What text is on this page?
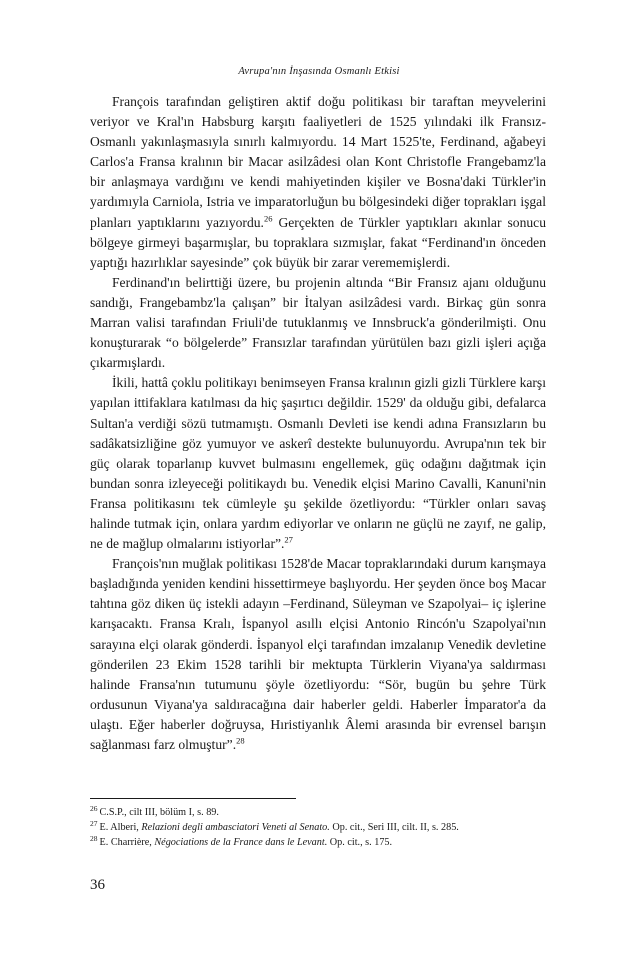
Avrupa'nın İnşasında Osmanlı Etkisi

François tarafından geliştiren aktif doğu politikası bir taraftan meyvelerini veriyor ve Kral'ın Habsburg karşıtı faaliyetleri de 1525 yılındaki ilk Fransız- Osmanlı yakınlaşmasıyla sınırlı kalmıyordu. 14 Mart 1525'te, Ferdinand, ağabeyi Carlos'a Fransa kralının bir Macar asilzâdesi olan Kont Christofle Frangebamz'la bir anlaşmaya vardığını ve kendi mahiyetinden kişiler ve Bosna'daki Türkler'in yardımıyla Carniola, Istria ve imparatorluğun bu bölgesindeki diğer toprakları işgal planları yaptıklarını yazıyordu.$^{26}$ Gerçekten de Türkler yaptıkları akınlar sonucu bölgeye girmeyi başarmışlar, bu topraklara sızmışlar, fakat “Ferdinand'ın önceden yaptığı hazırlıklar sayesinde” çok büyük bir zarar verememişlerdi.

Ferdinand'ın belirttiği üzere, bu projenin altında “Bir Fransız ajanı olduğunu sandığı, Frangebambz'la çalışan” bir İtalyan asilzâdesi vardı. Birkaç gün sonra Marran valisi tarafından Friuli'de tutuklanmış ve Innsbruck'a gönderilmişti. Onu konuşturarak “o bölgelerde” Fransızlar tarafından yürütülen bazı gizli işleri açığa çıkarmışlardı.

İkili, hattâ çoklu politikayı benimseyen Fransa kralının gizli gizli Türklere karşı yapılan ittifaklara katılması da hiç şaşırtıcı değildir. 1529' da olduğu gibi, defalarca Sultan'a verdiği sözü tutmamıştı. Osmanlı Devleti ise kendi adına Fransızların bu sadâkatsizliğine göz yumuyor ve askerî destekte bulunuyordu. Avrupa'nın tek bir güç olarak toparlanıp kuvvet bulmasını engellemek, güç odağını dağıtmak için bundan sonra izleyeceği politikaydı bu. Venedik elçisi Marino Cavalli, Kanuni'nin Fransa politikasını tek cümleyle şu şekilde özetliyordu: “Türkler onları savaş halinde tutmak için, onlara yardım ediyorlar ve onların ne güçlü ne zayıf, ne galip, ne de mağlup olmalarını istiyorlar”.$^{27}$

François'nın muğlak politikası 1528'de Macar topraklarındaki durum karışmaya başladığında yeniden kendini hissettirmeye başlıyordu. Her şeyden önce boş Macar tahtına göz diken üç istekli adayın –Ferdinand, Süleyman ve Szapolyai– iç işlerine karışacaktı. Fransa Kralı, İspanyol asıllı elçisi Antonio Rincón'u Szapolyai'nın sarayına elçi olarak gönderdi. İspanyol elçi tarafından imzalanıp Venedik devletine gönderilen 23 Ekim 1528 tarihli bir mektupta Türklerin Viyana'ya saldırması halinde Fransa'nın tutumunu şöyle özetliyordu: “Sör, bugün bu şehre Türk ordusunun Viyana'ya saldıracağına dair haberler geldi. Haberler İmparator'a da ulaştı. Eğer haberler doğruysa, Hıristiyanlık Âlemi arasında bir evrensel barışın sağlanması farz olmuştur”.$^{28}$

$^{26}$ C.S.P., cilt III, bölüm I, s. 89.
$^{27}$ E. Alberi, Relazioni degli ambasciatori Veneti al Senato. Op. cit., Seri III, cilt. II, s. 285.
$^{28}$ E. Charrière, Négociations de la France dans le Levant. Op. cit., s. 175.
36
